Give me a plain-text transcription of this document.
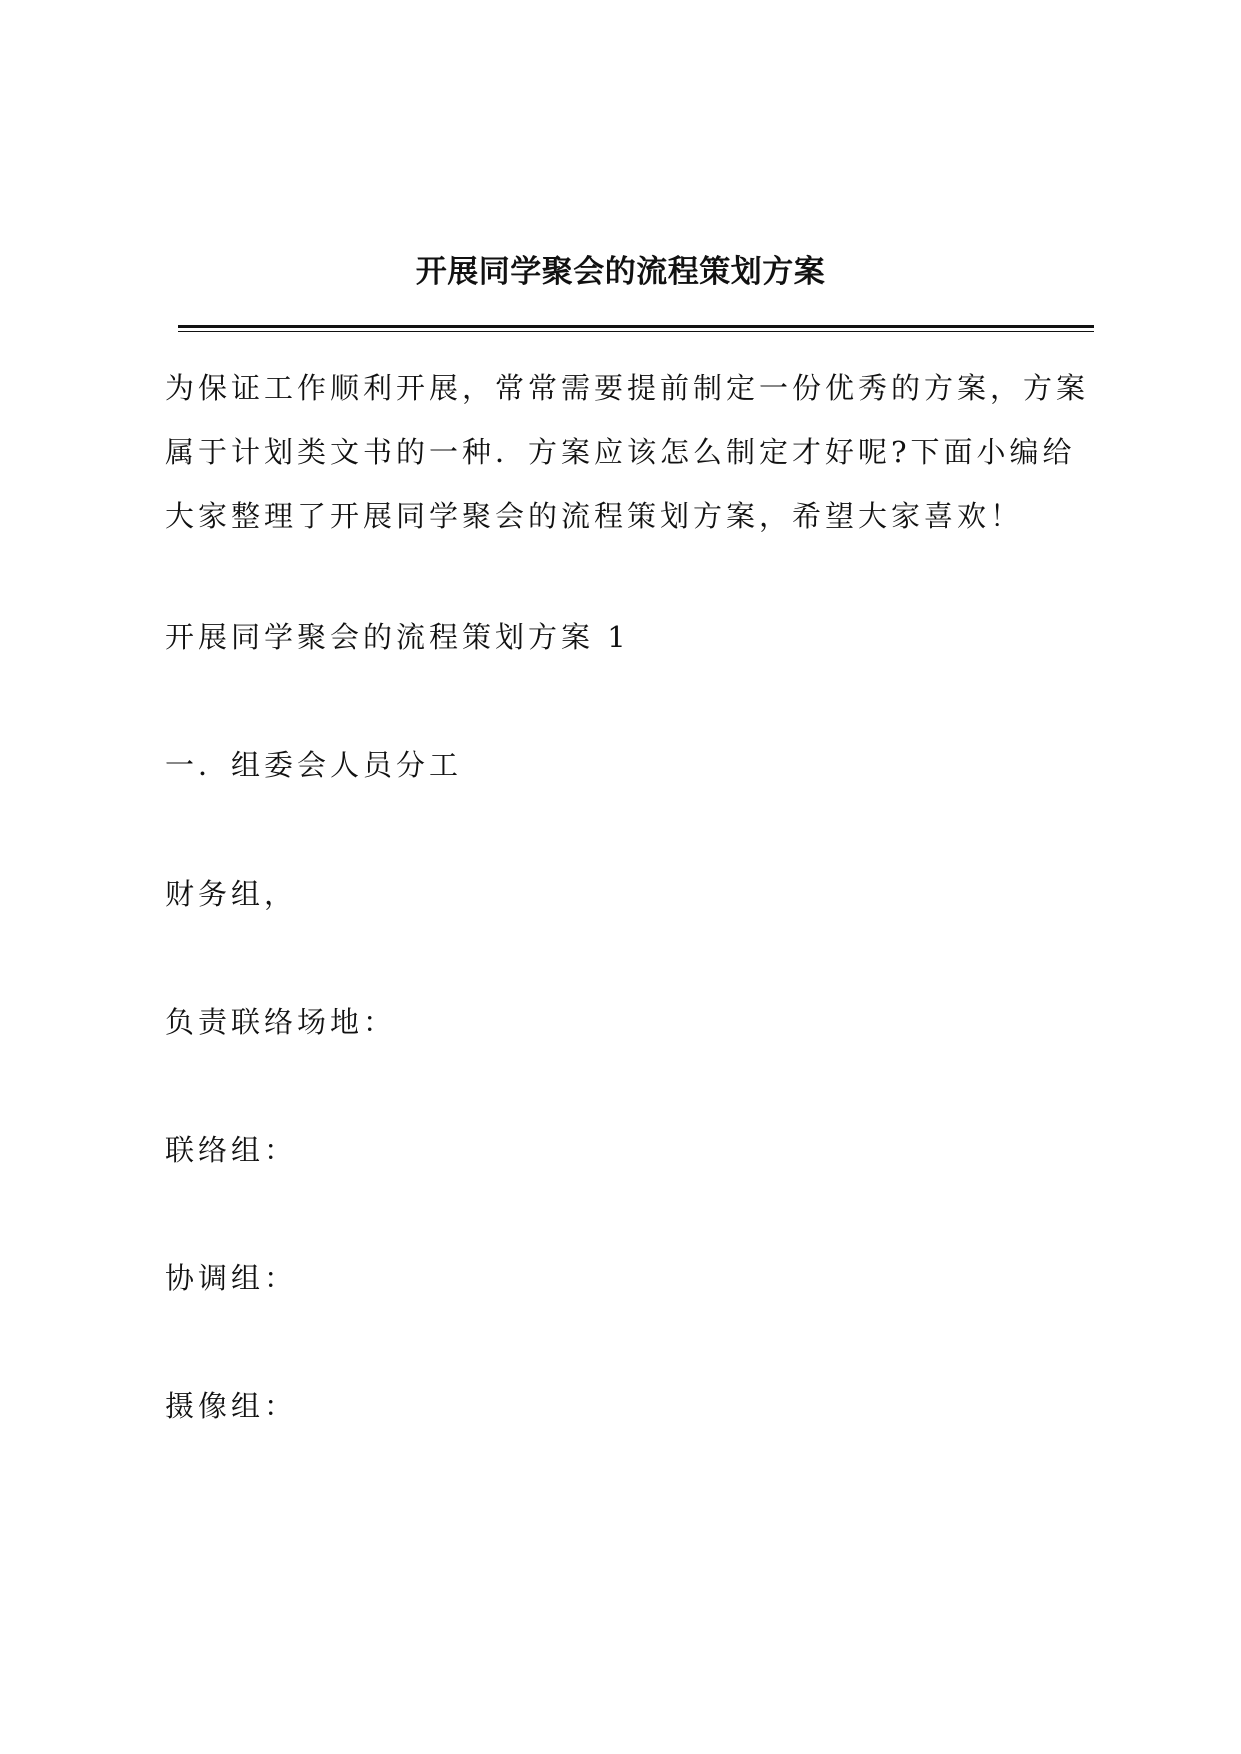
开展同学聚会的流程策划方案
为保证工作顺利开展，常常需要提前制定一份优秀的方案，方案
属于计划类文书的一种．方案应该怎么制定才好呢?下面小编给
大家整理了开展同学聚会的流程策划方案，希望大家喜欢！
开展同学聚会的流程策划方案 1
一．组委会人员分工
财务组，
负责联络场地：
联络组：
协调组：
摄像组：
